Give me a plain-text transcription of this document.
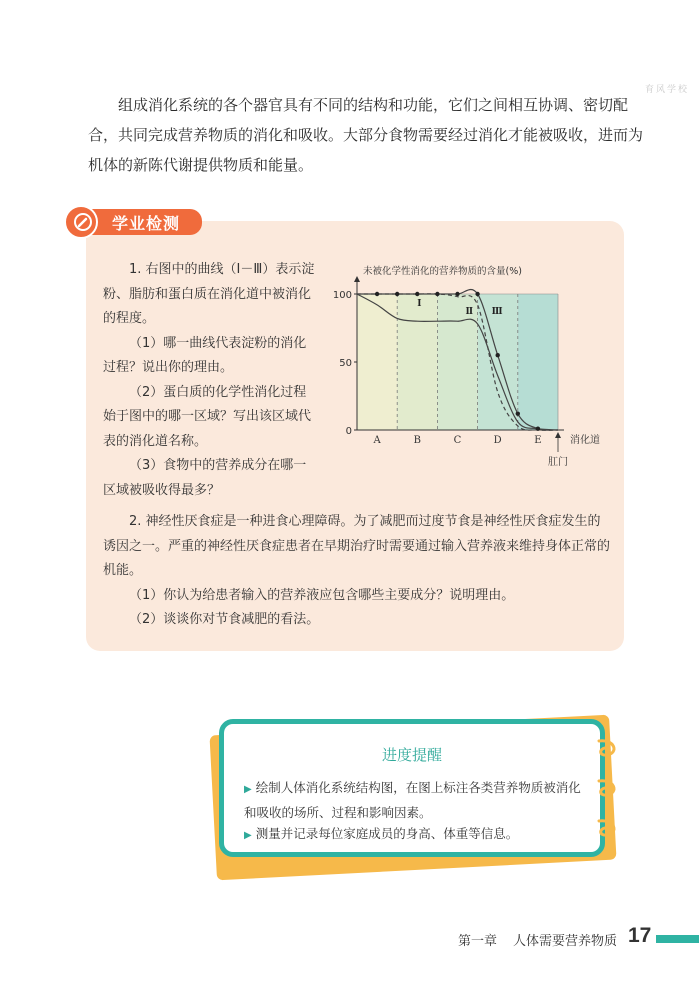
育风学校

组成消化系统的各个器官具有不同的结构和功能，它们之间相互协调、密切配合，共同完成营养物质的消化和吸收。大部分食物需要经过消化才能被吸收，进而为机体的新陈代谢提供物质和能量。

学业检测
1. 右图中的曲线（Ⅰ－Ⅲ）表示淀粉、脂肪和蛋白质在消化道中被消化的程度。
（1）哪一曲线代表淀粉的消化过程？说出你的理由。
（2）蛋白质的化学性消化过程始于图中的哪一区域？写出该区域代表的消化道名称。
（3）食物中的营养成分在哪一区域被吸收得最多？
2. 神经性厌食症是一种进食心理障碍。为了减肥而过度节食是神经性厌食症发生的诱因之一。严重的神经性厌食症患者在早期治疗时需要通过输入营养液来维持身体正常的机能。
（1）你认为给患者输入的营养液应包含哪些主要成分？说明理由。
（2）谈谈你对节食减肥的看法。
100
50
0
A	B	C	D	E
未被化学性消化的营养物质的含量(%)
消化道
肛门
Ⅰ
Ⅱ Ⅲ
进度提醒

▶ 绘制人体消化系统结构图，在图上标注各类营养物质被消化和吸收的场所、过程和影响因素。

▶ 测量并记录每位家庭成员的身高、体重等信息。

第一章 人体需要营养物质 17
